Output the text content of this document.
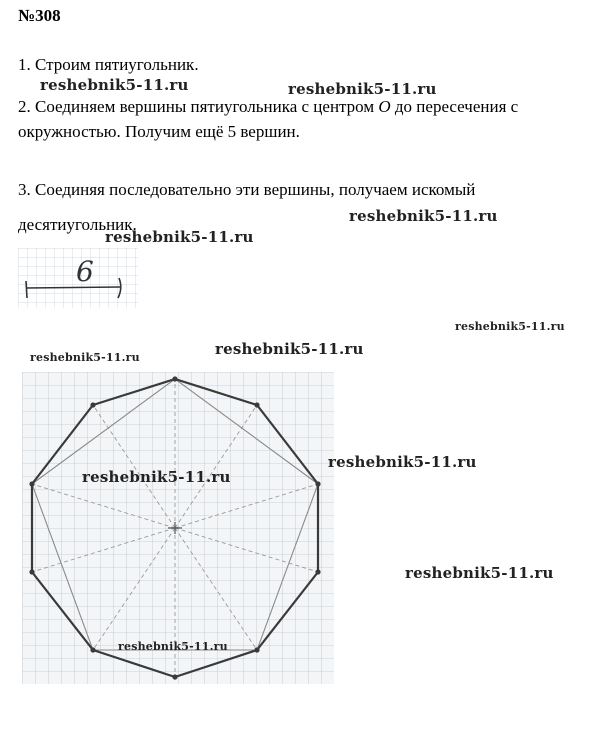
№308
1. Строим пятиугольник.
2. Соединяем вершины пятиугольника с центром O до пересечения с окружностью. Получим ещё 5 вершин.
3. Соединяя последовательно эти вершины, получаем искомый десятиугольник.
6
reshebnik5-11.ru	reshebnik5-11.ru
reshebnik5-11.ru
reshebnik5-11.ru
reshebnik5-11.ru
reshebnik5-11.ru	reshebnik5-11.ru
reshebnik5-11.ru
reshebnik5-11.ru
reshebnik5-11.ru
reshebnik5-11.ru
